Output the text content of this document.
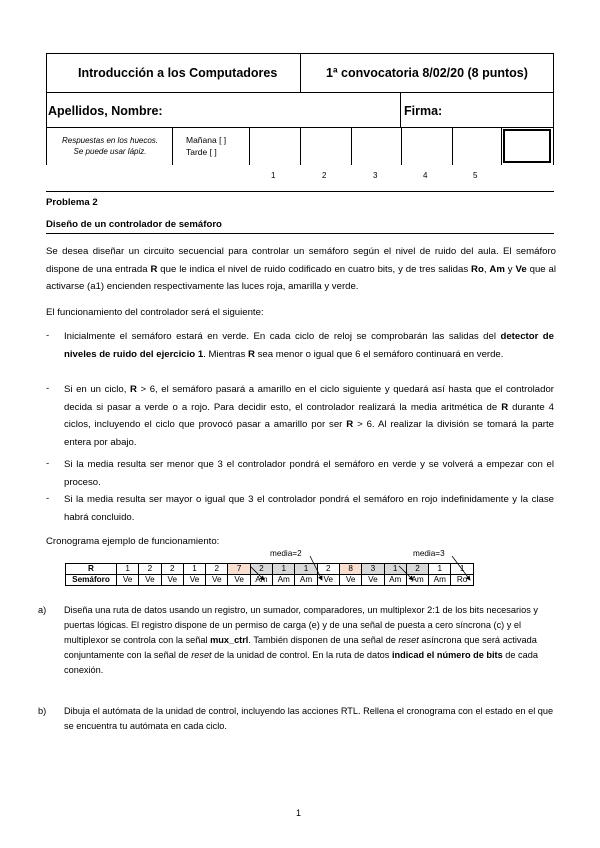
Introducción a los Computadores	1ª convocatoria 8/02/20 (8 puntos)
Apellidos, Nombre:	Firma:
Respuestas en los huecos.
Se puede usar lápiz.
Mañana [ ]
Tarde [ ]
1	2	3	4	5
Problema 2
Diseño de un controlador de semáforo
Se desea diseñar un circuito secuencial para controlar un semáforo según el nivel de ruido del aula. El semáforo dispone de una entrada R que le indica el nivel de ruido codificado en cuatro bits, y de tres salidas Ro, Am y Ve que al activarse (a1) encienden respectivamente las luces roja, amarilla y verde.
El funcionamiento del controlador será el siguiente:
- Inicialmente el semáforo estará en verde. En cada ciclo de reloj se comprobarán las salidas del detector de niveles de ruido del ejercicio 1. Mientras R sea menor o igual que 6 el semáforo continuará en verde.
- Si en un ciclo, R > 6, el semáforo pasará a amarillo en el ciclo siguiente y quedará así hasta que el controlador decida si pasar a verde o a rojo. Para decidir esto, el controlador realizará la media aritmética de R durante 4 ciclos, incluyendo el ciclo que provocó pasar a amarillo por ser R > 6. Al realizar la división se tomará la parte entera por abajo.
- Si la media resulta ser menor que 3 el controlador pondrá el semáforo en verde y se volverá a empezar con el proceso.
- Si la media resulta ser mayor o igual que 3 el controlador pondrá el semáforo en rojo indefinidamente y la clase habrá concluido.
Cronograma ejemplo de funcionamiento:
media=2	media=3
R	1	2	2	1	2	7	2	1	1	2	8	3	1	2	1	1
Semáforo	Ve	Ve	Ve	Ve	Ve	Ve	Am	Am	Am	Ve	Ve	Ve	Am	Am	Am	Ro
a) Diseña una ruta de datos usando un registro, un sumador, comparadores, un multiplexor 2:1 de los bits necesarios y puertas lógicas. El registro dispone de un permiso de carga (e) y de una señal de puesta a cero síncrona (c) y el multiplexor se controla con la señal mux_ctrl. También disponen de una señal de reset asíncrona que será activada conjuntamente con la señal de reset de la unidad de control. En la ruta de datos indicad el número de bits de cada conexión.
b) Dibuja el autómata de la unidad de control, incluyendo las acciones RTL. Rellena el cronograma con el estado en el que se encuentra tu autómata en cada ciclo.
1
